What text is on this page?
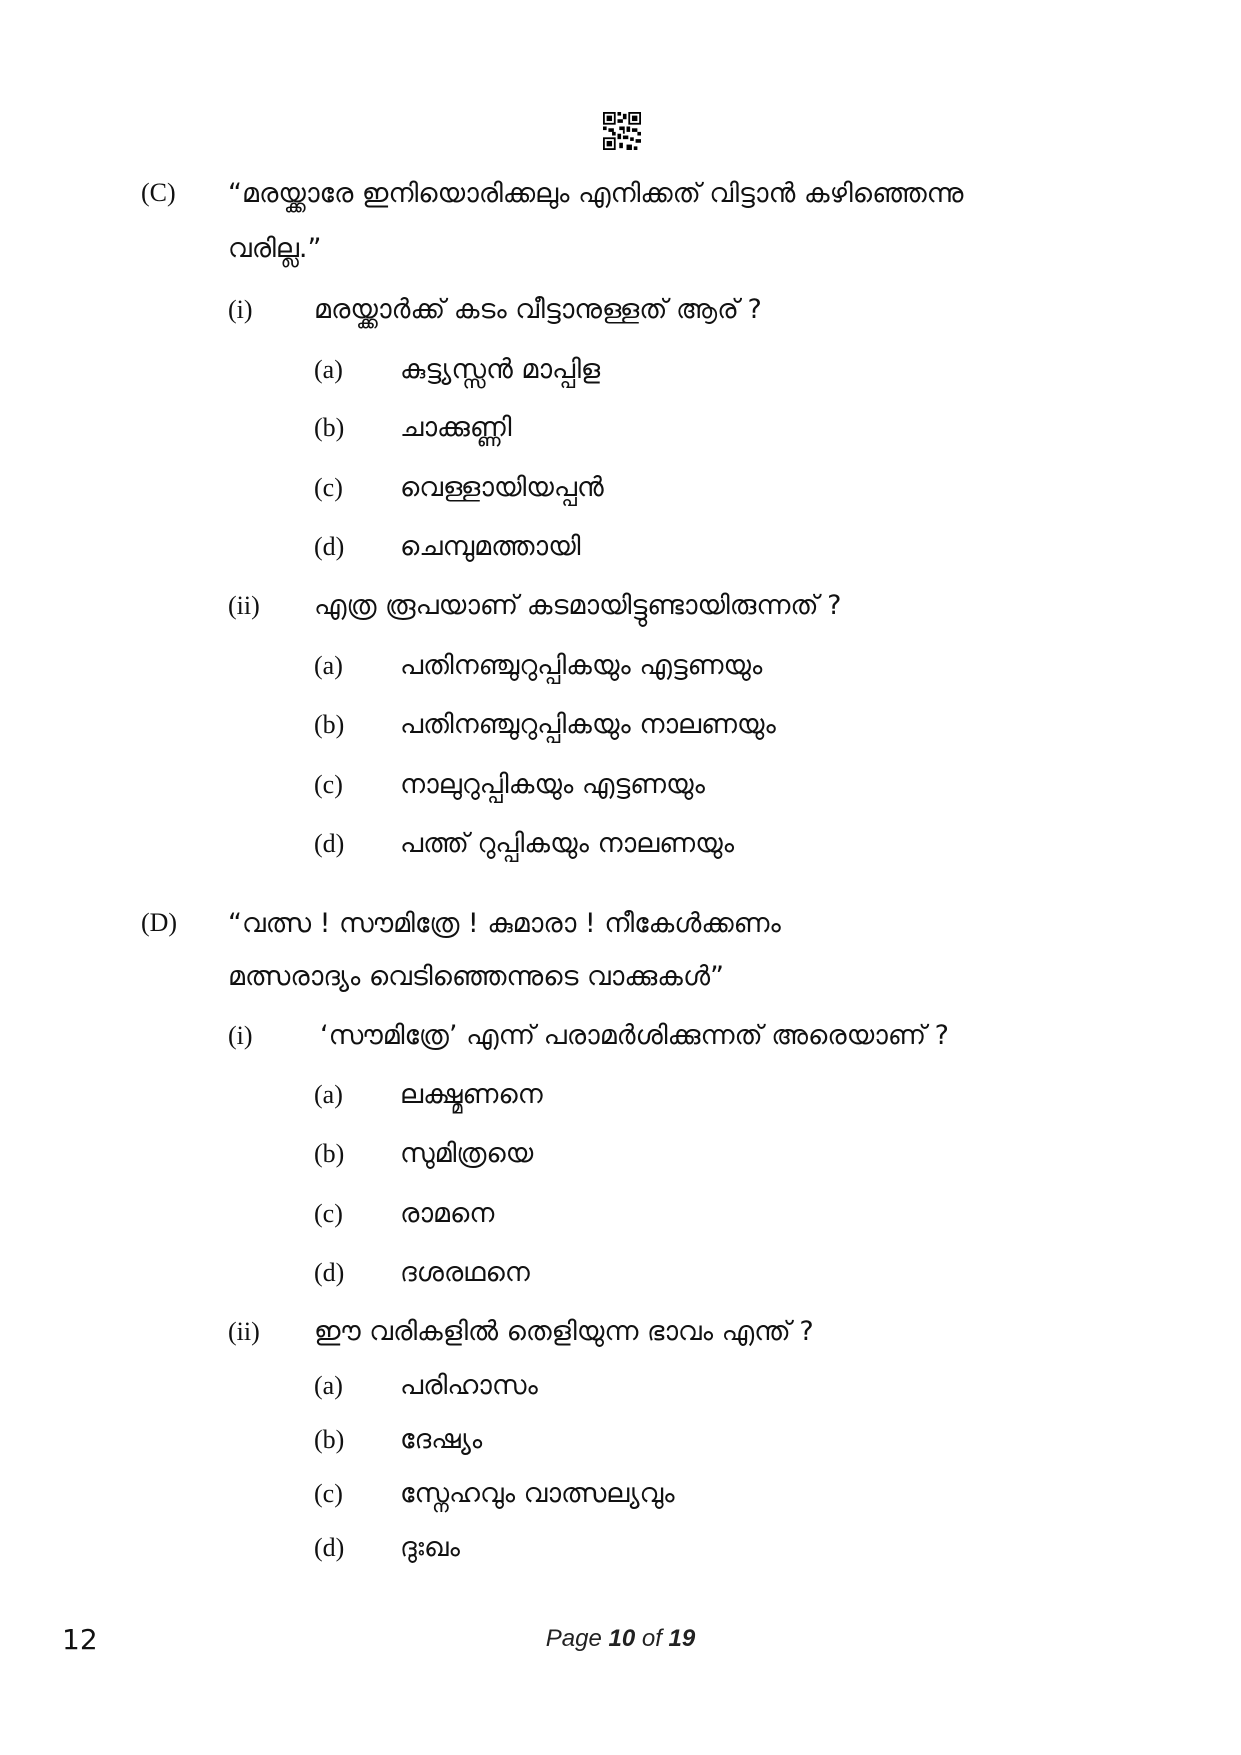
(C) “മരയ്ക്കാരേ ഇനിയൊരിക്കലും എനിക്കത് വിട്ടാൻ കഴിഞ്ഞെന്നു
വരില്ല.”
(i) മരയ്ക്കാർക്ക് കടം വീട്ടാനുള്ളത് ആര് ?
(a) കുട്ട്യസ്സൻ മാപ്പിള
(b) ചാക്കുണ്ണി
(c) വെള്ളായിയപ്പൻ
(d) ചെമ്പുമത്തായി
(ii) എത്ര രൂപയാണ് കടമായിട്ടുണ്ടായിരുന്നത് ?
(a) പതിനഞ്ചുറുപ്പികയും എട്ടണയും
(b) പതിനഞ്ചുറുപ്പികയും നാലണയും
(c) നാലുറുപ്പികയും എട്ടണയും
(d) പത്ത് റുപ്പികയും നാലണയും
(D) “വത്സ ! സൗമിത്രേ ! കുമാരാ ! നീകേൾക്കണം
മത്സരാദ്യം വെടിഞ്ഞെന്നുടെ വാക്കുകൾ”
(i) ‘സൗമിത്രേ’ എന്ന് പരാമർശിക്കുന്നത് അരെയാണ് ?
(a) ലക്ഷ്മണനെ
(b) സുമിത്രയെ
(c) രാമനെ
(d) ദശരഥനെ
(ii) ഈ വരികളിൽ തെളിയുന്ന ഭാവം എന്ത് ?
(a) പരിഹാസം
(b) ദേഷ്യം
(c) സ്നേഹവും വാത്സല്യവും
(d) ദുഃഖം
12	Page 10 of 19
